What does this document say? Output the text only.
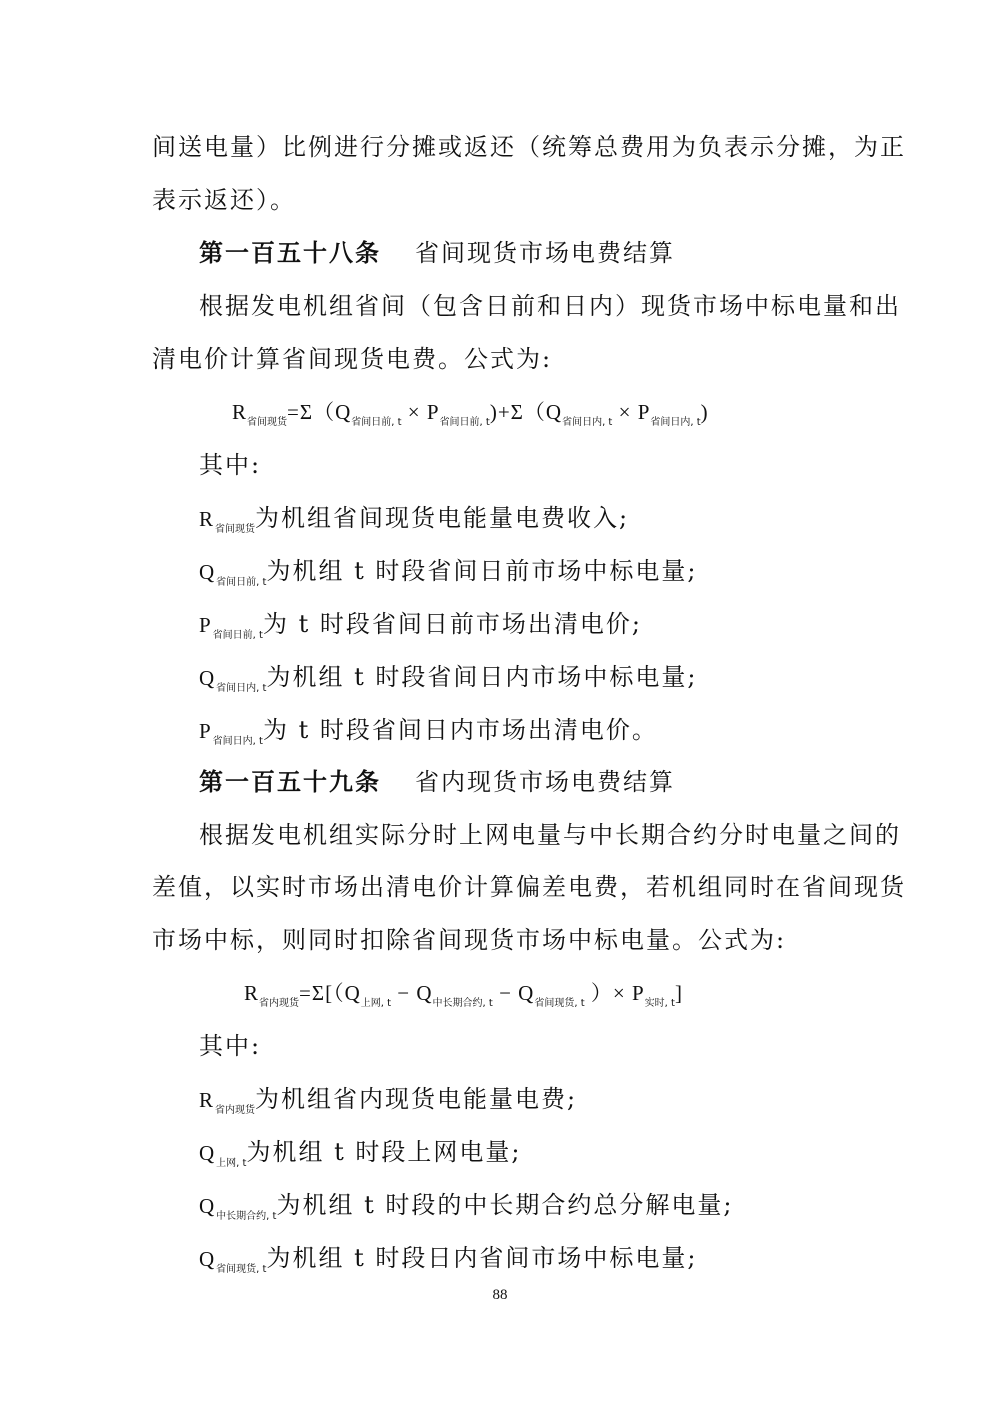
间送电量）比例进行分摊或返还（统筹总费用为负表示分摊，为正
表示返还）。
第一百五十八条 省间现货市场电费结算
根据发电机组省间（包含日前和日内）现货市场中标电量和出
清电价计算省间现货电费。公式为:
$R_{省间现货}=\Sigma(Q_{省间日前, t} \times P_{省间日前, t})+\Sigma(Q_{省间日内, t} \times P_{省间日内, t})$
其中:
$R_{省间现货}$为机组省间现货电能量电费收入;
$Q_{省间日前, t}$为机组 t 时段省间日前市场中标电量;
$P_{省间日前, t}$为 t 时段省间日前市场出清电价;
$Q_{省间日内, t}$为机组 t 时段省间日内市场中标电量;
$P_{省间日内, t}$为 t 时段省间日内市场出清电价。
第一百五十九条 省内现货市场电费结算
根据发电机组实际分时上网电量与中长期合约分时电量之间的
差值，以实时市场出清电价计算偏差电费，若机组同时在省间现货
市场中标，则同时扣除省间现货市场中标电量。公式为:
$R_{省内现货}=\Sigma[(Q_{上网, t} - Q_{中长期合约, t} - Q_{省间现货, t}$ ）× $P_{实时, t}$]
其中:
$R_{省内现货}$为机组省内现货电能量电费;
$Q_{上网, t}$为机组 t 时段上网电量;
$Q_{中长期合约, t}$为机组 t 时段的中长期合约总分解电量;
$Q_{省间现货, t}$为机组 t 时段日内省间市场中标电量;
88
